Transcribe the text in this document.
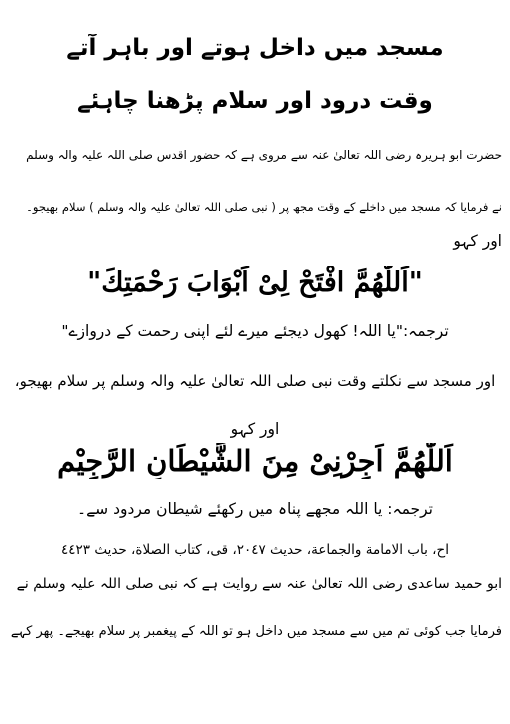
مسجد میں داخل ہوتے اور باہر آتے
وقت درود اور سلام پڑھنا چاہئے
حضرت ابو ہریرہ رضی اللہ تعالیٰ عنہ سے مروی ہے کہ حضور اقدس صلی اللہ علیہ والہ وسلم
نے فرمایا کہ مسجد میں داخلے کے وقت مجھ پر ( نبی صلی اللہ تعالیٰ علیہ والہ وسلم ) سلام بھیجو۔
اور کہو
"اَللّٰھُمَّ افْتَحْ لِیْ اَبْوَابَ رَحْمَتِكَ"
ترجمہ:"یا اللہ! کھول دیجئے میرے لئے اپنی رحمت کے دروازے"
اور مسجد سے نکلتے وقت نبی صلی اللہ تعالیٰ علیہ والہ وسلم پر سلام بھیجو،
اور کہو
اَللّٰھُمَّ اَجِرْنِیْ مِنَ الشَّیْطَانِ الرَّجِیْمِ
ترجمہ: یا اللہ مجھے پناہ میں رکھئے شیطان مردود سے۔
اح، باب الامامة والجماعة، حديث ٢٠٤٧، قی، کتاب الصلاة، حديث ٤٤٢٣
ابو حمید ساعدی رضی اللہ تعالیٰ عنہ سے روایت ہے کہ نبی صلی اللہ علیہ وسلم نے
فرمایا جب کوئی تم میں سے مسجد میں داخل ہو تو اللہ کے پیغمبر پر سلام بھیجے۔ پھر کہے
